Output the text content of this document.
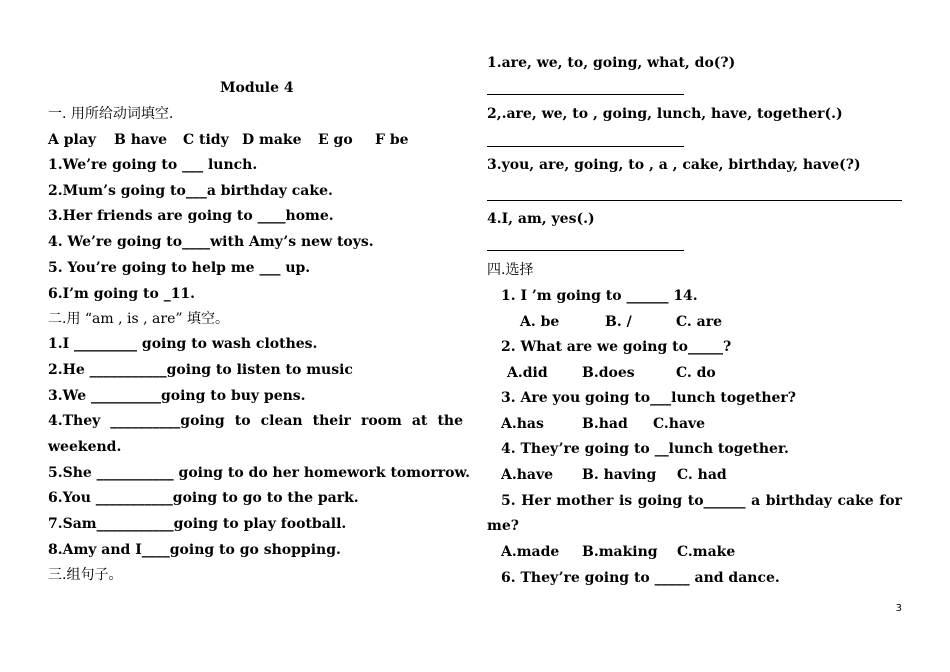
Module 4
一. 用所给动词填空.
A play B have C tidy D make E go F be
1.We’re going to ___ lunch.
2.Mum’s going to___a birthday cake.
3.Her friends are going to ____home.
4. We’re going to____with Amy’s new toys.
5. You’re going to help me ___ up.
6.I’m going to _11.
二.用 “am , is , are” 填空。
1.I _________ going to wash clothes.
2.He ___________going to listen to music
3.We __________going to buy pens.
4.They __________going to clean their room at the
weekend.
5.She ___________ going to do her homework tomorrow.
6.You ___________going to go to the park.
7.Sam___________going to play football.
8.Amy and I____going to go shopping.
三.组句子。
1.are, we, to, going, what, do(?)
2,.are, we, to , going, lunch, have, together(.)
3.you, are, going, to , a , cake, birthday, have(?)
4.I, am, yes(.)
四.选择
1. I ’m going to ______ 14.
A. be	B. /	C. are
2. What are we going to_____?
A.did B.does	C. do
3. Are you going to___lunch together?
A.has	B.had C.have
4. They’re going to __lunch together.
A.have B. having C. had
5. Her mother is going to______ a birthday cake for
me?
A.made B.making C.make
6. They’re going to _____ and dance.
3
